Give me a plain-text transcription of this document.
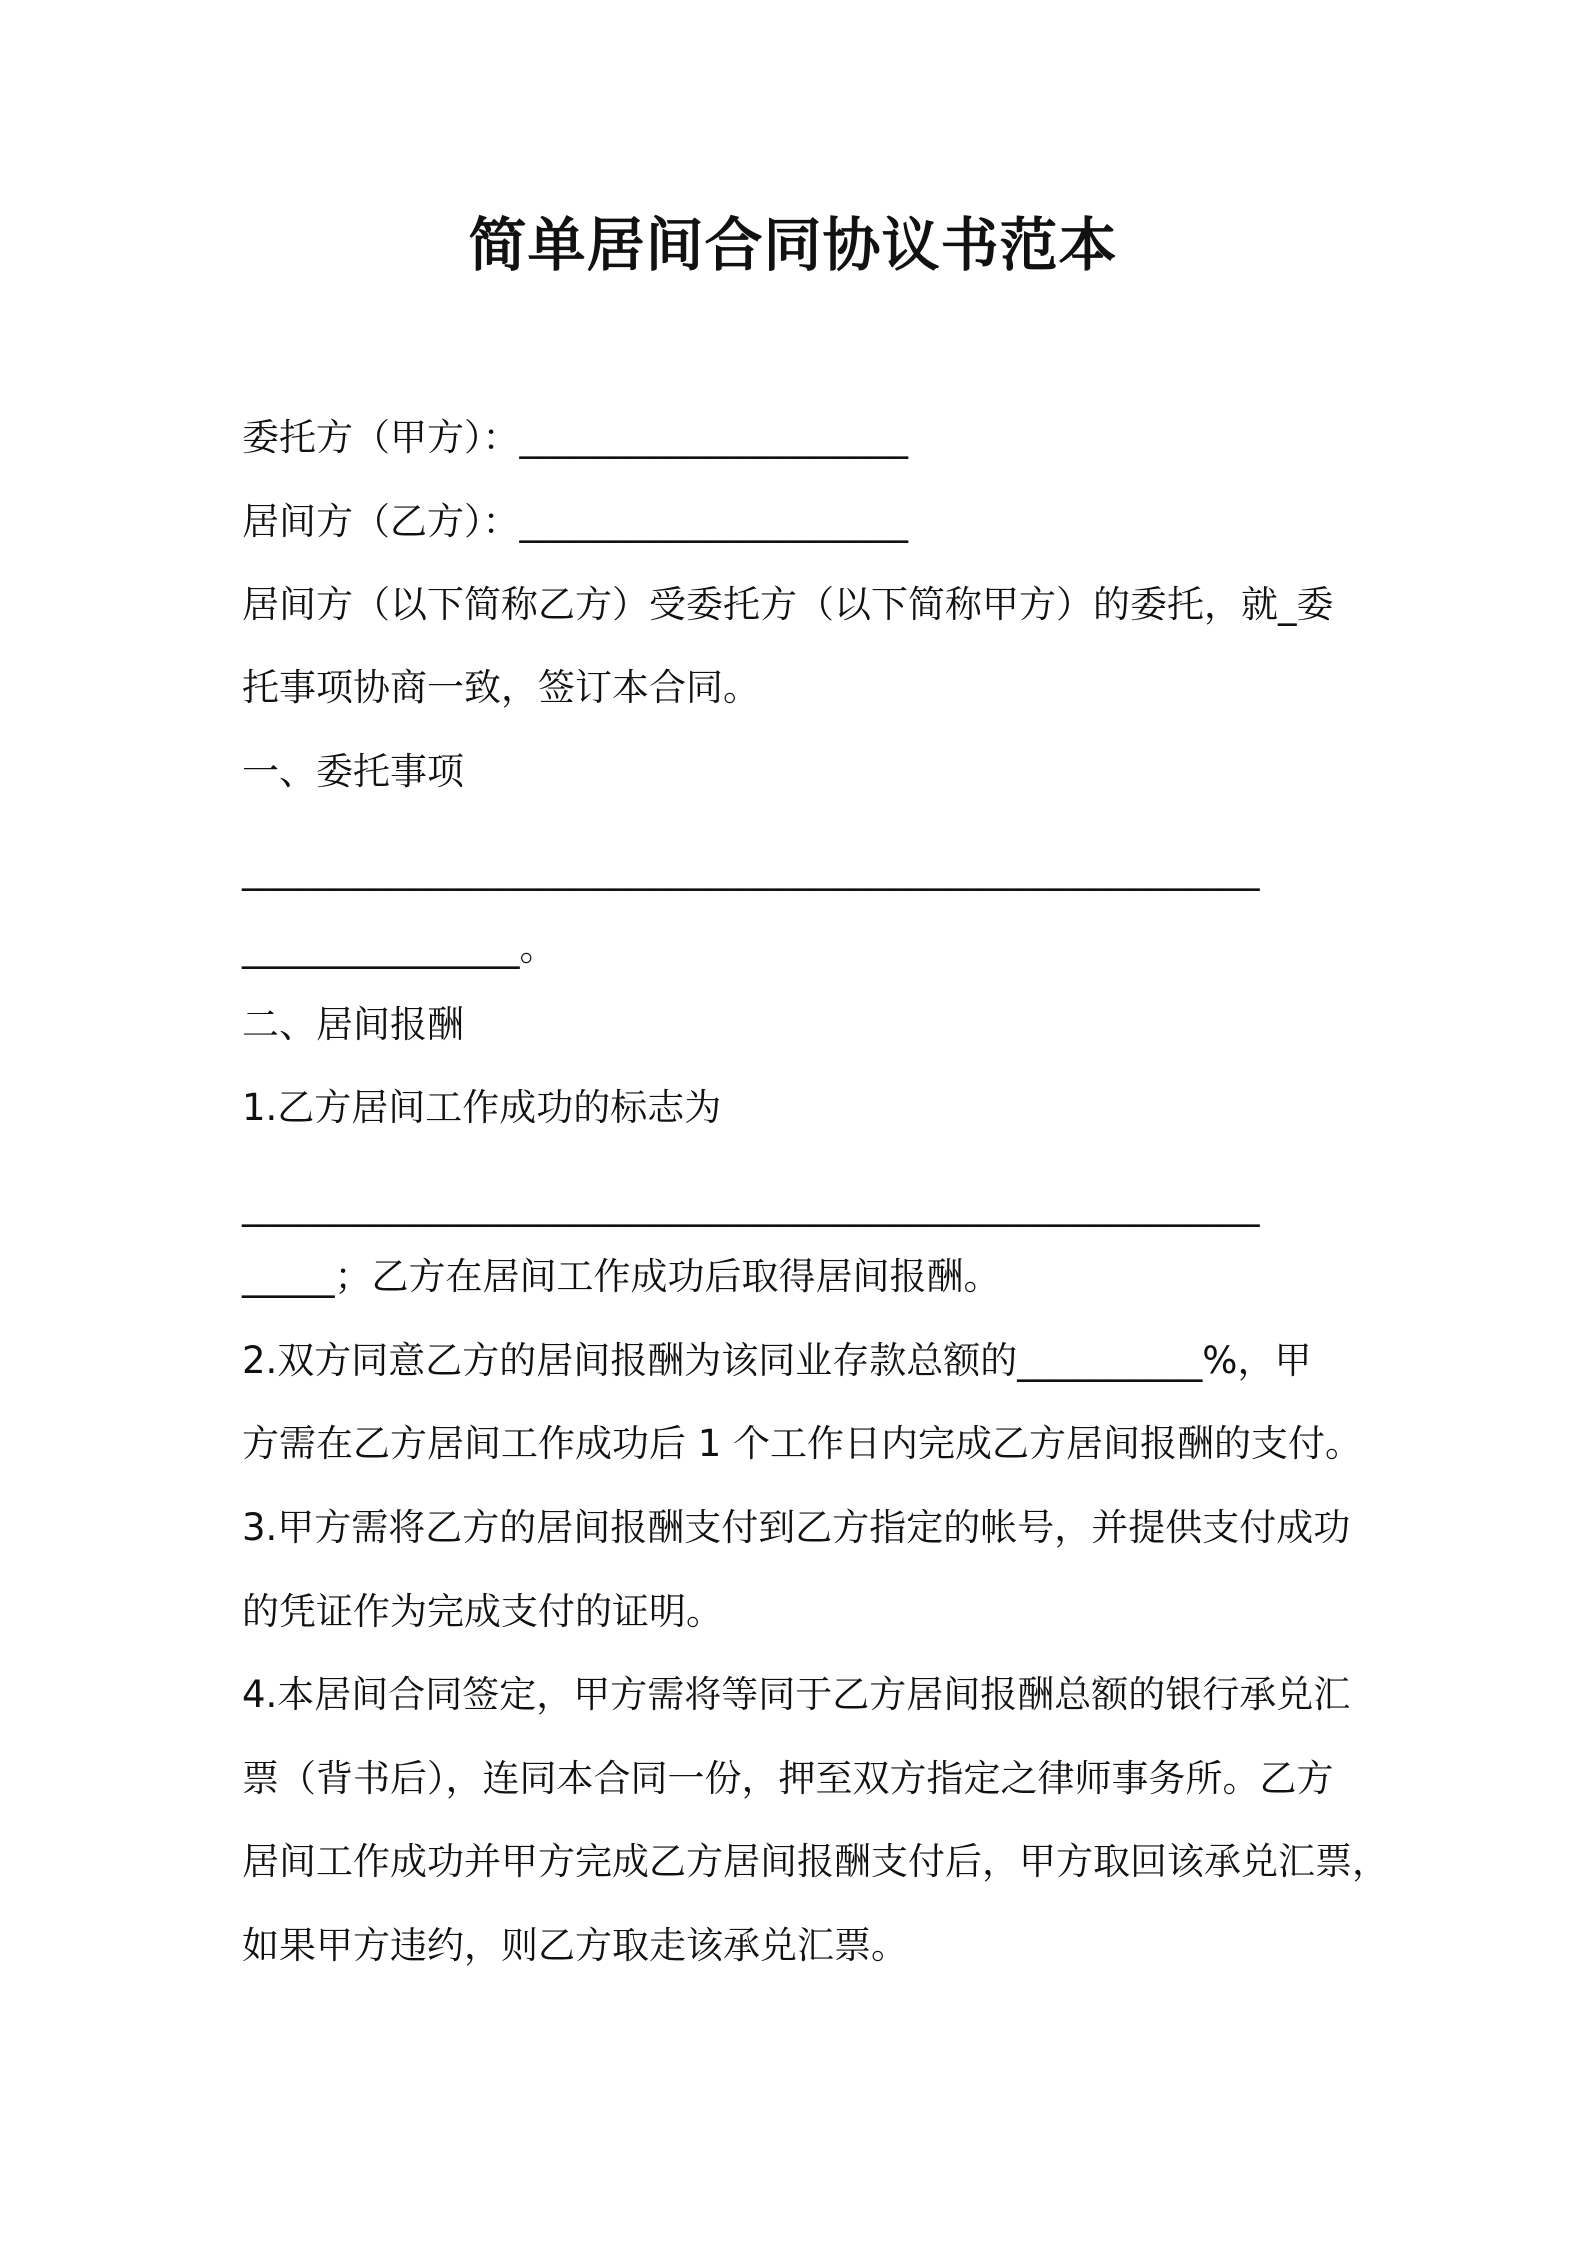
简单居间合同协议书范本
委托方（甲方）：_____________________
居间方（乙方）：_____________________
居间方（以下简称乙方）受委托方（以下简称甲方）的委托，就_委
托事项协商一致，签订本合同。
一、委托事项
_______________________________________________________
_______________。
二、居间报酬
1.乙方居间工作成功的标志为
_______________________________________________________
_____；乙方在居间工作成功后取得居间报酬。
2.双方同意乙方的居间报酬为该同业存款总额的__________%，甲
方需在乙方居间工作成功后 1 个工作日内完成乙方居间报酬的支付。
3.甲方需将乙方的居间报酬支付到乙方指定的帐号，并提供支付成功
的凭证作为完成支付的证明。
4.本居间合同签定，甲方需将等同于乙方居间报酬总额的银行承兑汇
票（背书后），连同本合同一份，押至双方指定之律师事务所。乙方
居间工作成功并甲方完成乙方居间报酬支付后，甲方取回该承兑汇票，
如果甲方违约，则乙方取走该承兑汇票。
